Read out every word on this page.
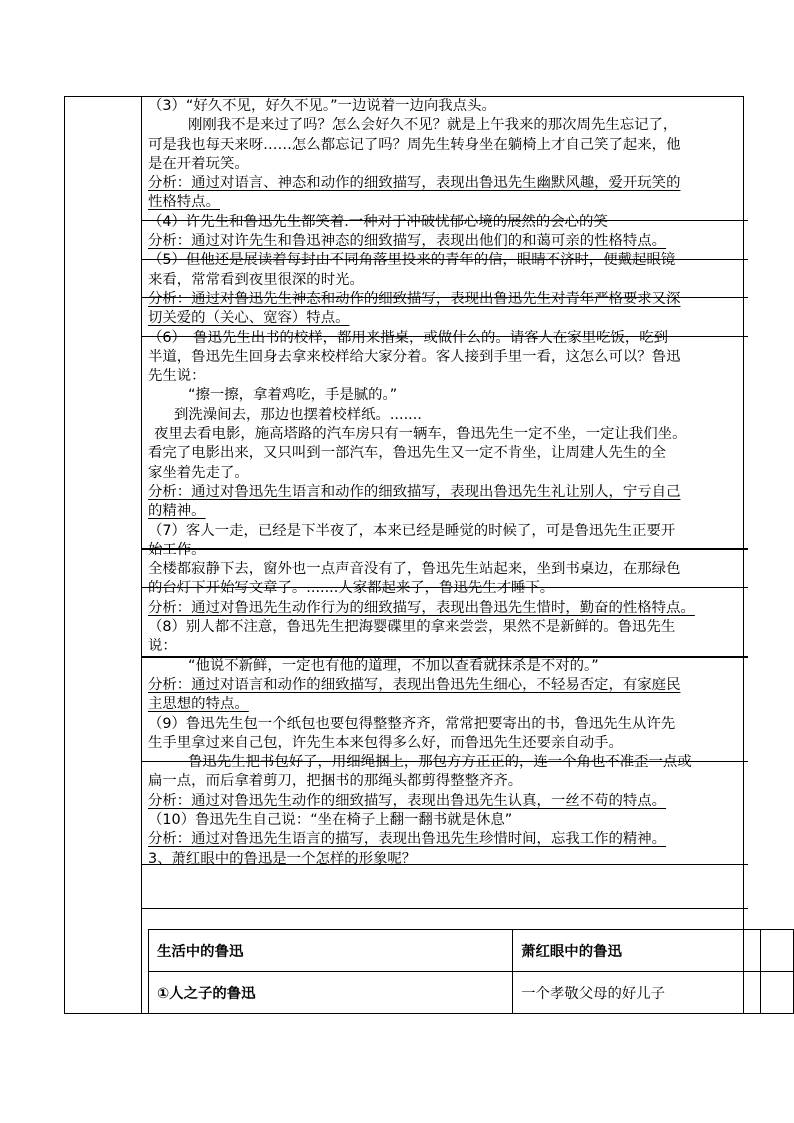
（3）“好久不见，好久不见。”一边说着一边向我点头。
刚刚我不是来过了吗？怎么会好久不见？就是上午我来的那次周先生忘记了，
可是我也每天来呀……怎么都忘记了吗？周先生转身坐在躺椅上才自己笑了起来，他
是在开着玩笑。
分析：通过对语言、神态和动作的细致描写，表现出鲁迅先生幽默风趣，爱开玩笑的
性格特点。
（4）许先生和鲁迅先生都笑着.一种对于冲破忧郁心境的展然的会心的笑
分析：通过对许先生和鲁迅神态的细致描写，表现出他们的和蔼可亲的性格特点。
（5）但他还是展读着每封由不同角落里投来的青年的信，眼睛不济时，便戴起眼镜
来看，常常看到夜里很深的时光。
分析：通过对鲁迅先生神态和动作的细致描写，表现出鲁迅先生对青年严格要求又深
切关爱的（关心、宽容）特点。
（6）　鲁迅先生出书的校样，都用来揩桌，或做什么的。请客人在家里吃饭，吃到
半道，鲁迅先生回身去拿来校样给大家分着。客人接到手里一看，这怎么可以？鲁迅
先生说：
“擦一擦，拿着鸡吃，手是腻的。”
到洗澡间去，那边也摆着校样纸。.......
夜里去看电影，施高塔路的汽车房只有一辆车，鲁迅先生一定不坐，一定让我们坐。
看完了电影出来，又只叫到一部汽车，鲁迅先生又一定不肯坐，让周建人先生的全
家坐着先走了。
分析：通过对鲁迅先生语言和动作的细致描写，表现出鲁迅先生礼让别人，宁亏自己
的精神。
（7）客人一走，已经是下半夜了，本来已经是睡觉的时候了，可是鲁迅先生正要开
始工作。
全楼都寂静下去，窗外也一点声音没有了，鲁迅先生站起来，坐到书桌边，在那绿色
的台灯下开始写文章了。.......人家都起来了，鲁迅先生才睡下。
分析：通过对鲁迅先生动作行为的细致描写，表现出鲁迅先生惜时，勤奋的性格特点。
（8）别人都不注意，鲁迅先生把海婴碟里的拿来尝尝，果然不是新鲜的。鲁迅先生
说：
“他说不新鲜，一定也有他的道理，不加以查看就抹杀是不对的。”
分析：通过对语言和动作的细致描写，表现出鲁迅先生细心，不轻易否定，有家庭民
主思想的特点。
（9）鲁迅先生包一个纸包也要包得整整齐齐，常常把要寄出的书，鲁迅先生从许先
生手里拿过来自己包，许先生本来包得多么好，而鲁迅先生还要亲自动手。
鲁迅先生把书包好了，用细绳捆上，那包方方正正的，连一个角也不准歪一点或
扁一点，而后拿着剪刀，把捆书的那绳头都剪得整整齐齐。
分析：通过对鲁迅先生动作的细致描写，表现出鲁迅先生认真，一丝不苟的特点。
（10）鲁迅先生自己说：“坐在椅子上翻一翻书就是休息”
分析：通过对鲁迅先生语言的描写，表现出鲁迅先生珍惜时间，忘我工作的精神。
3、萧红眼中的鲁迅是一个怎样的形象呢？
生活中的鲁迅	萧红眼中的鲁迅	
①人之子的鲁迅	一个孝敬父母的好儿子	
